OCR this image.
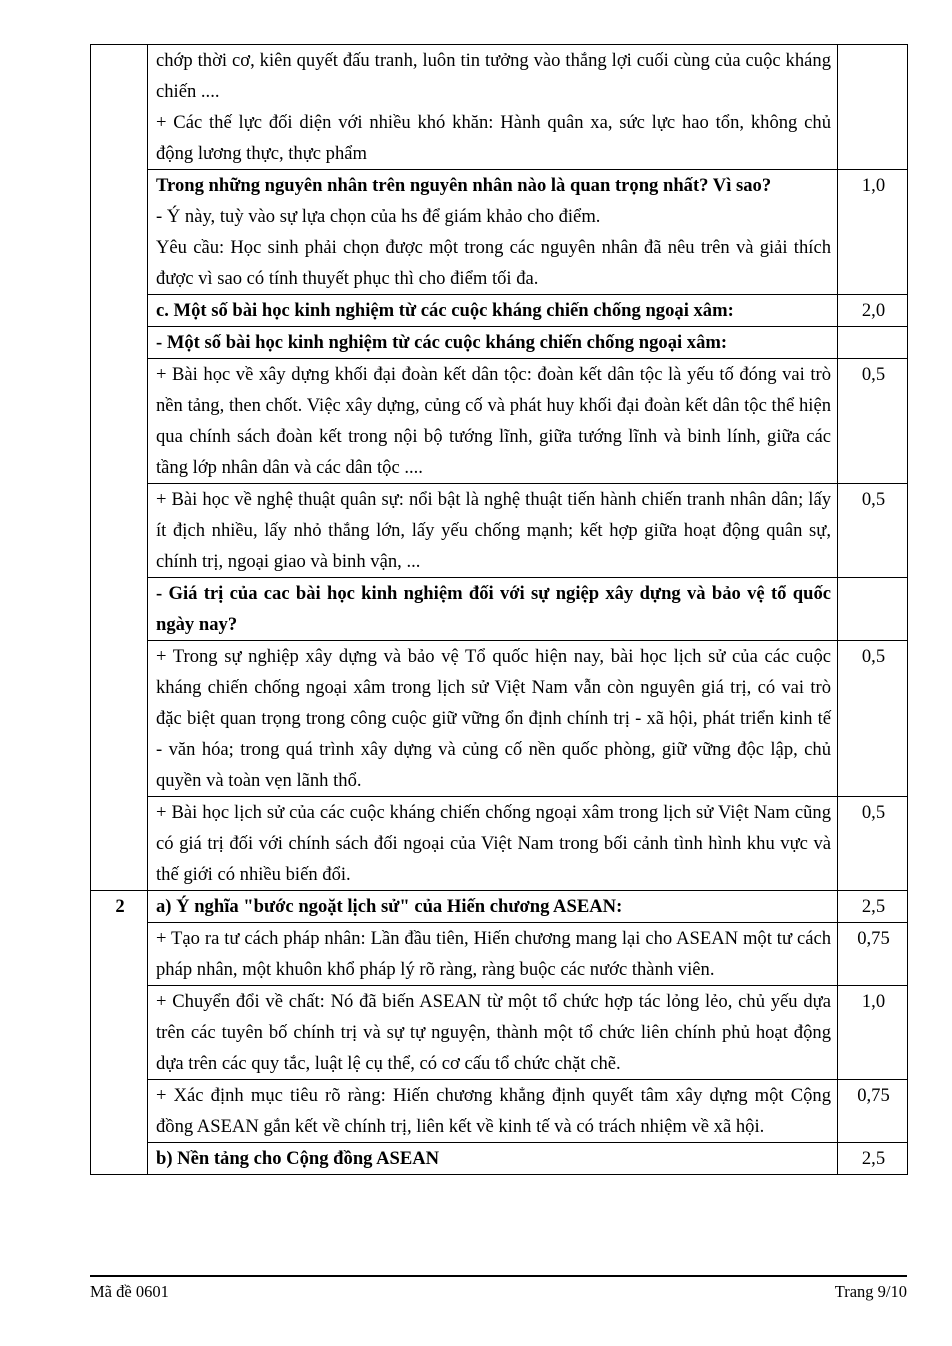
	chớp thời cơ, kiên quyết đấu tranh, luôn tin tưởng vào thắng lợi cuối cùng của cuộc kháng chiến ....
+ Các thế lực đối diện với nhiều khó khăn: Hành quân xa, sức lực hao tổn, không chủ động lương thực, thực phẩm	

	Trong những nguyên nhân trên nguyên nhân nào là quan trọng nhất? Vì sao?
- Ý này, tuỳ vào sự lựa chọn của hs để giám khảo cho điểm.
Yêu cầu: Học sinh phải chọn được một trong các nguyên nhân đã nêu trên và giải thích được vì sao có tính thuyết phục thì cho điểm tối đa.	1,0

	c. Một số bài học kinh nghiệm từ các cuộc kháng chiến chống ngoại xâm:	2,0

	- Một số bài học kinh nghiệm từ các cuộc kháng chiến chống ngoại xâm:	

	+ Bài học về xây dựng khối đại đoàn kết dân tộc: đoàn kết dân tộc là yếu tố đóng vai trò nền tảng, then chốt. Việc xây dựng, củng cố và phát huy khối đại đoàn kết dân tộc thể hiện qua chính sách đoàn kết trong nội bộ tướng lĩnh, giữa tướng lĩnh và binh lính, giữa các tầng lớp nhân dân và các dân tộc ....	0,5

	+ Bài học về nghệ thuật quân sự: nổi bật là nghệ thuật tiến hành chiến tranh nhân dân; lấy ít địch nhiều, lấy nhỏ thắng lớn, lấy yếu chống mạnh; kết hợp giữa hoạt động quân sự, chính trị, ngoại giao và binh vận, ...	0,5

	- Giá trị của cac bài học kinh nghiệm đối với sự ngiệp xây dựng và bảo vệ tổ quốc ngày nay?	

	+ Trong sự nghiệp xây dựng và bảo vệ Tổ quốc hiện nay, bài học lịch sử của các cuộc kháng chiến chống ngoại xâm trong lịch sử Việt Nam vẫn còn nguyên giá trị, có vai trò đặc biệt quan trọng trong công cuộc giữ vững ổn định chính trị - xã hội, phát triển kinh tế - văn hóa; trong quá trình xây dựng và củng cố nền quốc phòng, giữ vững độc lập, chủ quyền và toàn vẹn lãnh thổ.	0,5

	+ Bài học lịch sử của các cuộc kháng chiến chống ngoại xâm trong lịch sử Việt Nam cũng có giá trị đối với chính sách đối ngoại của Việt Nam trong bối cảnh tình hình khu vực và thế giới có nhiều biến đổi.	0,5
2	a) Ý nghĩa "bước ngoặt lịch sử" của Hiến chương ASEAN:	2,5

	+ Tạo ra tư cách pháp nhân: Lần đầu tiên, Hiến chương mang lại cho ASEAN một tư cách pháp nhân, một khuôn khổ pháp lý rõ ràng, ràng buộc các nước thành viên.	0,75

	+ Chuyển đổi về chất: Nó đã biến ASEAN từ một tổ chức hợp tác lỏng lẻo, chủ yếu dựa trên các tuyên bố chính trị và sự tự nguyện, thành một tổ chức liên chính phủ hoạt động dựa trên các quy tắc, luật lệ cụ thể, có cơ cấu tổ chức chặt chẽ.	1,0

	+ Xác định mục tiêu rõ ràng: Hiến chương khẳng định quyết tâm xây dựng một Cộng đồng ASEAN gắn kết về chính trị, liên kết về kinh tế và có trách nhiệm về xã hội.	0,75

	b) Nền tảng cho Cộng đồng ASEAN	2,5
Mã đề 0601	Trang 9/10
